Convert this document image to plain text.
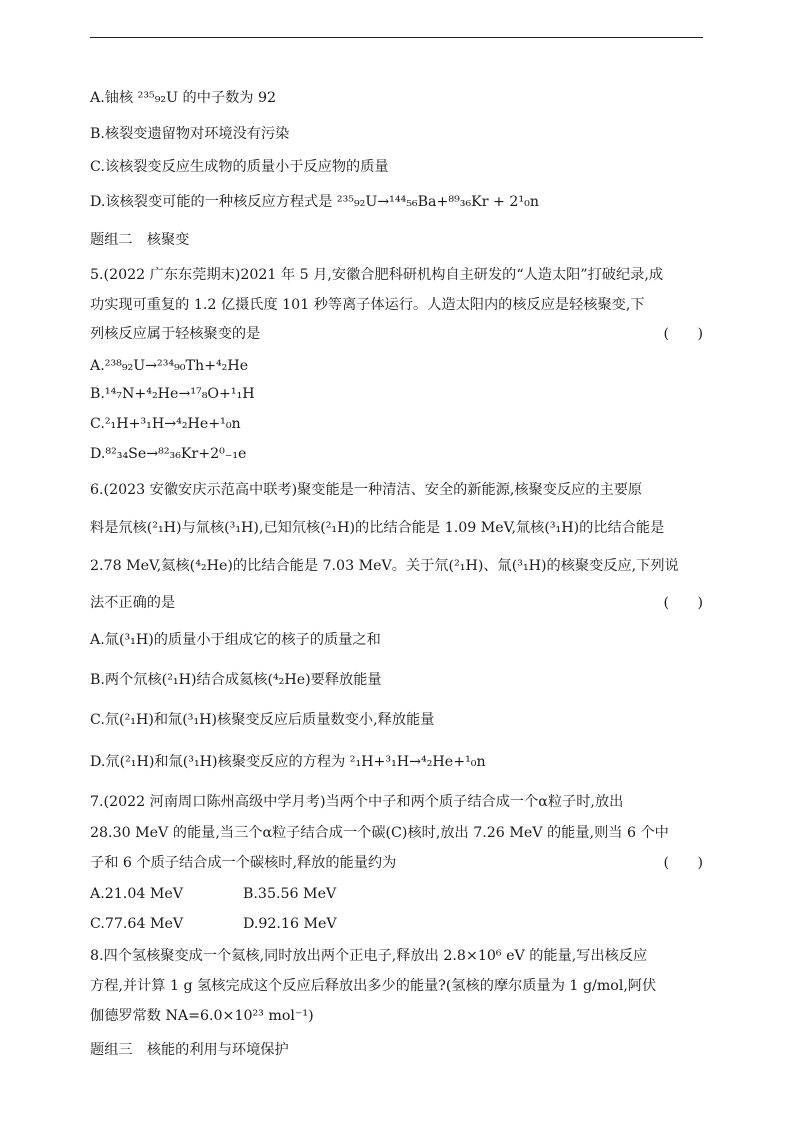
A.铀核 ²³⁵₉₂U 的中子数为 92
B.核裂变遗留物对环境没有污染
C.该核裂变反应生成物的质量小于反应物的质量
D.该核裂变可能的一种核反应方程式是 ²³⁵₉₂U→¹⁴⁴₅₆Ba+⁸⁹₃₆Kr + 2¹₀n
题组二　核聚变
5.(2022 广东东莞期末)2021 年 5 月,安徽合肥科研机构自主研发的“人造太阳”打破纪录,成
功实现可重复的 1.2 亿摄氏度 101 秒等离子体运行。人造太阳内的核反应是轻核聚变,下
列核反应属于轻核聚变的是	(　　)
A.²³⁸₉₂U→²³⁴₉₀Th+⁴₂He
B.¹⁴₇N+⁴₂He→¹⁷₈O+¹₁H
C.²₁H+³₁H→⁴₂He+¹₀n
D.⁸²₃₄Se→⁸²₃₆Kr+2⁰₋₁e
6.(2023 安徽安庆示范高中联考)聚变能是一种清洁、安全的新能源,核聚变反应的主要原
料是氘核(²₁H)与氚核(³₁H),已知氘核(²₁H)的比结合能是 1.09 MeV,氚核(³₁H)的比结合能是
2.78 MeV,氦核(⁴₂He)的比结合能是 7.03 MeV。关于氘(²₁H)、氚(³₁H)的核聚变反应,下列说
法不正确的是	(　　)
A.氚(³₁H)的质量小于组成它的核子的质量之和
B.两个氘核(²₁H)结合成氦核(⁴₂He)要释放能量
C.氘(²₁H)和氚(³₁H)核聚变反应后质量数变小,释放能量
D.氘(²₁H)和氚(³₁H)核聚变反应的方程为 ²₁H+³₁H→⁴₂He+¹₀n
7.(2022 河南周口陈州高级中学月考)当两个中子和两个质子结合成一个α粒子时,放出
28.30 MeV 的能量,当三个α粒子结合成一个碳(C)核时,放出 7.26 MeV 的能量,则当 6 个中
子和 6 个质子结合成一个碳核时,释放的能量约为	(　　)
A.21.04 MeV	B.35.56 MeV
C.77.64 MeV	D.92.16 MeV
8.四个氢核聚变成一个氦核,同时放出两个正电子,释放出 2.8×10⁶ eV 的能量,写出核反应
方程,并计算 1 g 氢核完成这个反应后释放出多少的能量?(氢核的摩尔质量为 1 g/mol,阿伏
伽德罗常数 NA=6.0×10²³ mol⁻¹)
题组三　核能的利用与环境保护
